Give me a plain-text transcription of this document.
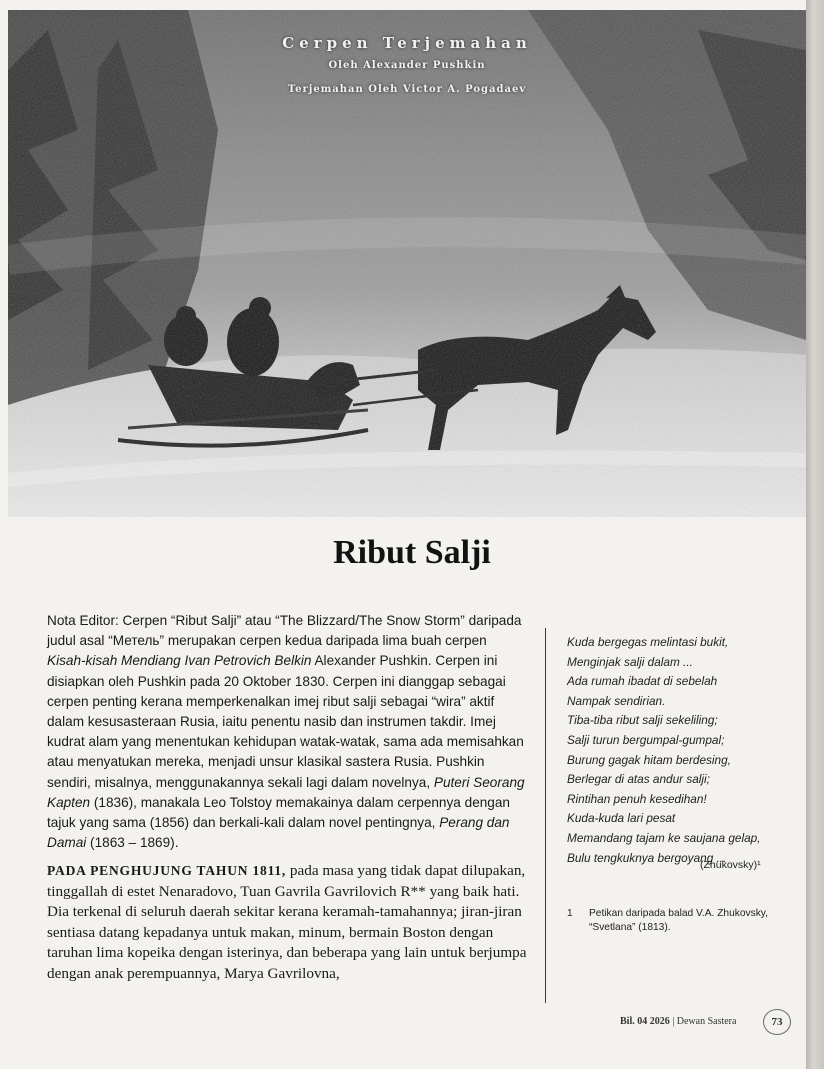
Cerpen Terjemahan
Oleh Alexander Pushkin
Terjemahan Oleh Victor A. Pogadaev
Ribut Salji
Nota Editor: Cerpen “Ribut Salji” atau “The Blizzard/The Snow Storm” daripada judul asal “Метель” merupakan cerpen kedua daripada lima buah cerpen Kisah-kisah Mendiang Ivan Petrovich Belkin Alexander Pushkin. Cerpen ini disiapkan oleh Pushkin pada 20 Oktober 1830. Cerpen ini dianggap sebagai cerpen penting kerana memperkenalkan imej ribut salji sebagai “wira” aktif dalam kesusasteraan Rusia, iaitu penentu nasib dan instrumen takdir. Imej kudrat alam yang menentukan kehidupan watak-watak, sama ada memisahkan atau menyatukan mereka, menjadi unsur klasikal sastera Rusia. Pushkin sendiri, misalnya, menggunakannya sekali lagi dalam novelnya, Puteri Seorang Kapten (1836), manakala Leo Tolstoy memakainya dalam cerpennya dengan tajuk yang sama (1856) dan berkali-kali dalam novel pentingnya, Perang dan Damai (1863 – 1869).
PADA PENGHUJUNG TAHUN 1811, pada masa yang tidak dapat dilupakan, tinggallah di estet Nenaradovo, Tuan Gavrila Gavrilovich R** yang baik hati. Dia terkenal di seluruh daerah sekitar kerana keramah-tamahannya; jiran-jiran sentiasa datang kepadanya untuk makan, minum, bermain Boston dengan taruhan lima kopeika dengan isterinya, dan beberapa yang lain untuk berjumpa dengan anak perempuannya, Marya Gavrilovna,
Kuda bergegas melintasi bukit,
Menginjak salji dalam ...
Ada rumah ibadat di sebelah
Nampak sendirian.
Tiba-tiba ribut salji sekeliling;
Salji turun bergumpal-gumpal;
Burung gagak hitam berdesing,
Berlegar di atas andur salji;
Rintihan penuh kesedihan!
Kuda-kuda lari pesat
Memandang tajam ke saujana gelap,
Bulu tengkuknya bergoyang ...
(Zhukovsky)¹
1 Petikan daripada balad V.A. Zhukovsky, “Svetlana” (1813).
Bil. 04 2026 | Dewan Sastera	73
